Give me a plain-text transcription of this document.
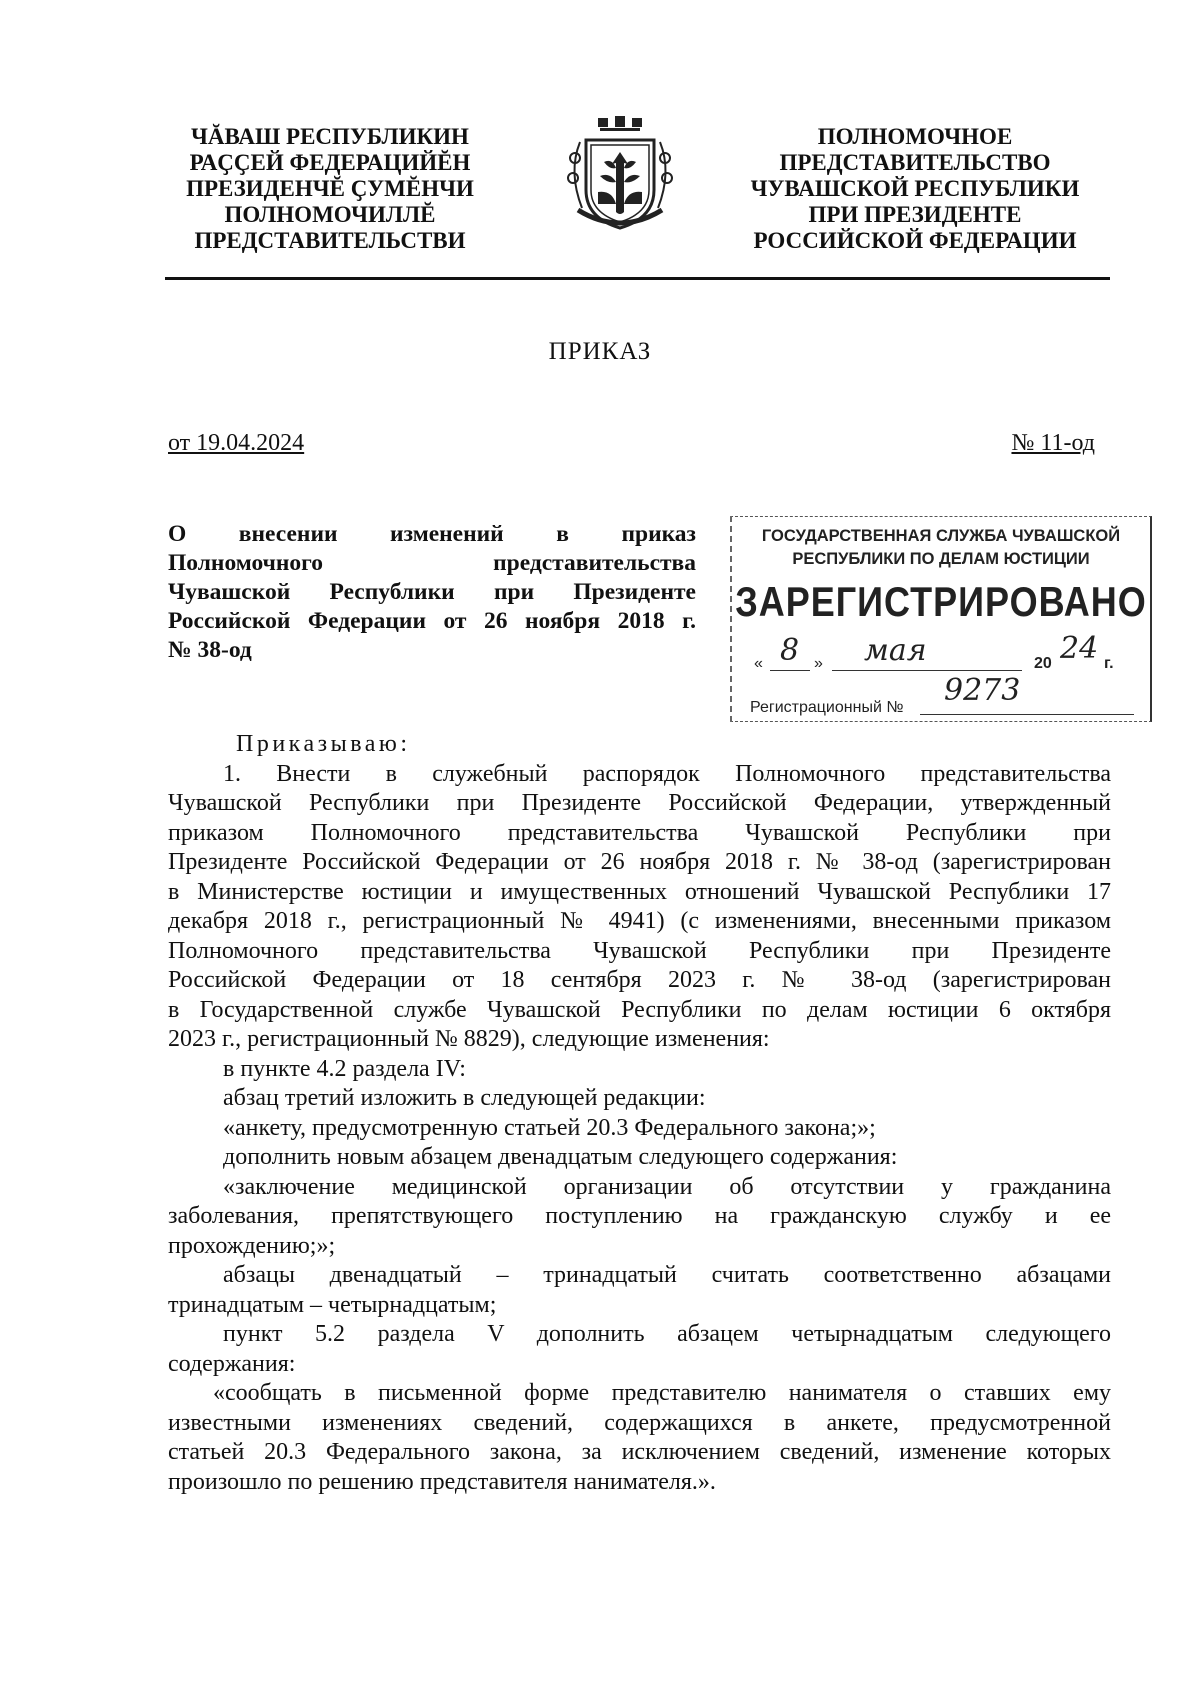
ЧĂВАШ РЕСПУБЛИКИН
РАҪҪЕЙ ФЕДЕРАЦИЙĔН
ПРЕЗИДЕНЧĔ ҪУМĔНЧИ
ПОЛНОМОЧИЛЛĔ
ПРЕДСТАВИТЕЛЬСТВИ
ПОЛНОМОЧНОЕ
ПРЕДСТАВИТЕЛЬСТВО
ЧУВАШСКОЙ РЕСПУБЛИКИ
ПРИ ПРЕЗИДЕНТЕ
РОССИЙСКОЙ ФЕДЕРАЦИИ
ПРИКАЗ
от 19.04.2024	№ 11-од
О внесении изменений в приказ
Полномочного представительства
Чувашской Республики при Президенте
Российской Федерации от 26 ноября 2018 г.
№ 38-од
ГОСУДАРСТВЕННАЯ СЛУЖБА ЧУВАШСКОЙ
РЕСПУБЛИКИ ПО ДЕЛАМ ЮСТИЦИИ
ЗАРЕГИСТРИРОВАНО
« 8 » мая	20 24 г.
Регистрационный № 9273

Приказываю:

1. Внести в служебный распорядок Полномочного представительства

Чувашской Республики при Президенте Российской Федерации, утвержденный

приказом Полномочного представительства Чувашской Республики при

Президенте Российской Федерации от 26 ноября 2018 г. № 38-од (зарегистрирован

в Министерстве юстиции и имущественных отношений Чувашской Республики 17

декабря 2018 г., регистрационный № 4941) (с изменениями, внесенными приказом

Полномочного представительства Чувашской Республики при Президенте

Российской Федерации от 18 сентября 2023 г. № 38-од (зарегистрирован

в Государственной службе Чувашской Республики по делам юстиции 6 октября

2023 г., регистрационный № 8829), следующие изменения:

в пункте 4.2 раздела IV:

абзац третий изложить в следующей редакции:

«анкету, предусмотренную статьей 20.3 Федерального закона;»;

дополнить новым абзацем двенадцатым следующего содержания:

«заключение медицинской организации об отсутствии у гражданина

заболевания, препятствующего поступлению на гражданскую службу и ее

прохождению;»;

абзацы двенадцатый – тринадцатый считать соответственно абзацами

тринадцатым – четырнадцатым;

пункт 5.2 раздела V дополнить абзацем четырнадцатым следующего

содержания:

«сообщать в письменной форме представителю нанимателя о ставших ему

известными изменениях сведений, содержащихся в анкете, предусмотренной

статьей 20.3 Федерального закона, за исключением сведений, изменение которых

произошло по решению представителя нанимателя.».
